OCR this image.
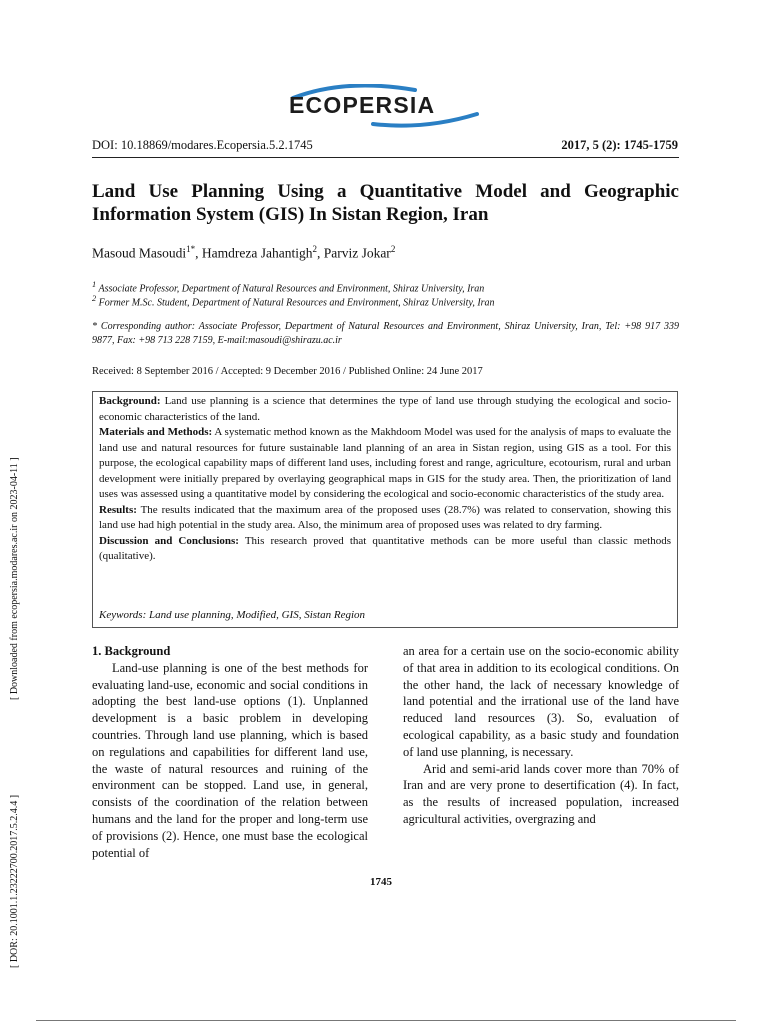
ECOPERSIA
DOI: 10.18869/modares.Ecopersia.5.2.1745	2017, 5 (2): 1745-1759
Land Use Planning Using a Quantitative Model and Geographic Information System (GIS) In Sistan Region, Iran
Masoud Masoudi$^{1*}$, Hamdreza Jahantigh$^2$, Parviz Jokar$^2$
$^1$ Associate Professor, Department of Natural Resources and Environment, Shiraz University, Iran
$^2$ Former M.Sc. Student, Department of Natural Resources and Environment, Shiraz University, Iran
* Corresponding author: Associate Professor, Department of Natural Resources and Environment, Shiraz University, Iran, Tel: +98 917 339 9877, Fax: +98 713 228 7159, E-mail:masoudi@shirazu.ac.ir
Received: 8 September 2016 / Accepted: 9 December 2016 / Published Online: 24 June 2017

Background: Land use planning is a science that determines the type of land use through studying the ecological and socio-economic characteristics of the land.

Materials and Methods: A systematic method known as the Makhdoom Model was used for the analysis of maps to evaluate the land use and natural resources for future sustainable land planning of an area in Sistan region, using GIS as a tool. For this purpose, the ecological capability maps of different land uses, including forest and range, agriculture, ecotourism, rural and urban development were initially prepared by overlaying geographical maps in GIS for the study area. Then, the prioritization of land uses was assessed using a quantitative model by considering the ecological and socio-economic characteristics of the study area.

Results: The results indicated that the maximum area of the proposed uses (28.7%) was related to conservation, showing this land use had high potential in the study area. Also, the minimum area of proposed uses was related to dry farming.

Discussion and Conclusions: This research proved that quantitative methods can be more useful than classic methods (qualitative).

Keywords: Land use planning, Modified, GIS, Sistan Region
[ Downloaded from ecopersia.modares.ac.ir on 2023-04-11 ]
[ DOR: 20.1001.1.23222700.2017.5.2.4.4 ]

1. Background

Land-use planning is one of the best methods for evaluating land-use, economic and social conditions in adopting the best land-use options (1). Unplanned development is a basic problem in developing countries. Through land use planning, which is based on regulations and capabilities for different land use, the waste of natural resources and ruining of the environment can be stopped. Land use, in general, consists of the coordination of the relation between humans and the land for the proper and long-term use of provisions (2). Hence, one must base the ecological potential of

an area for a certain use on the socio-economic ability of that area in addition to its ecological conditions. On the other hand, the lack of necessary knowledge of land potential and the irrational use of the land have reduced land resources (3). So, evaluation of ecological capability, as a basic study and foundation of land use planning, is necessary.

Arid and semi-arid lands cover more than 70% of Iran and are very prone to desertification (4). In fact, as the results of increased population, increased agricultural activities, overgrazing and

1745
